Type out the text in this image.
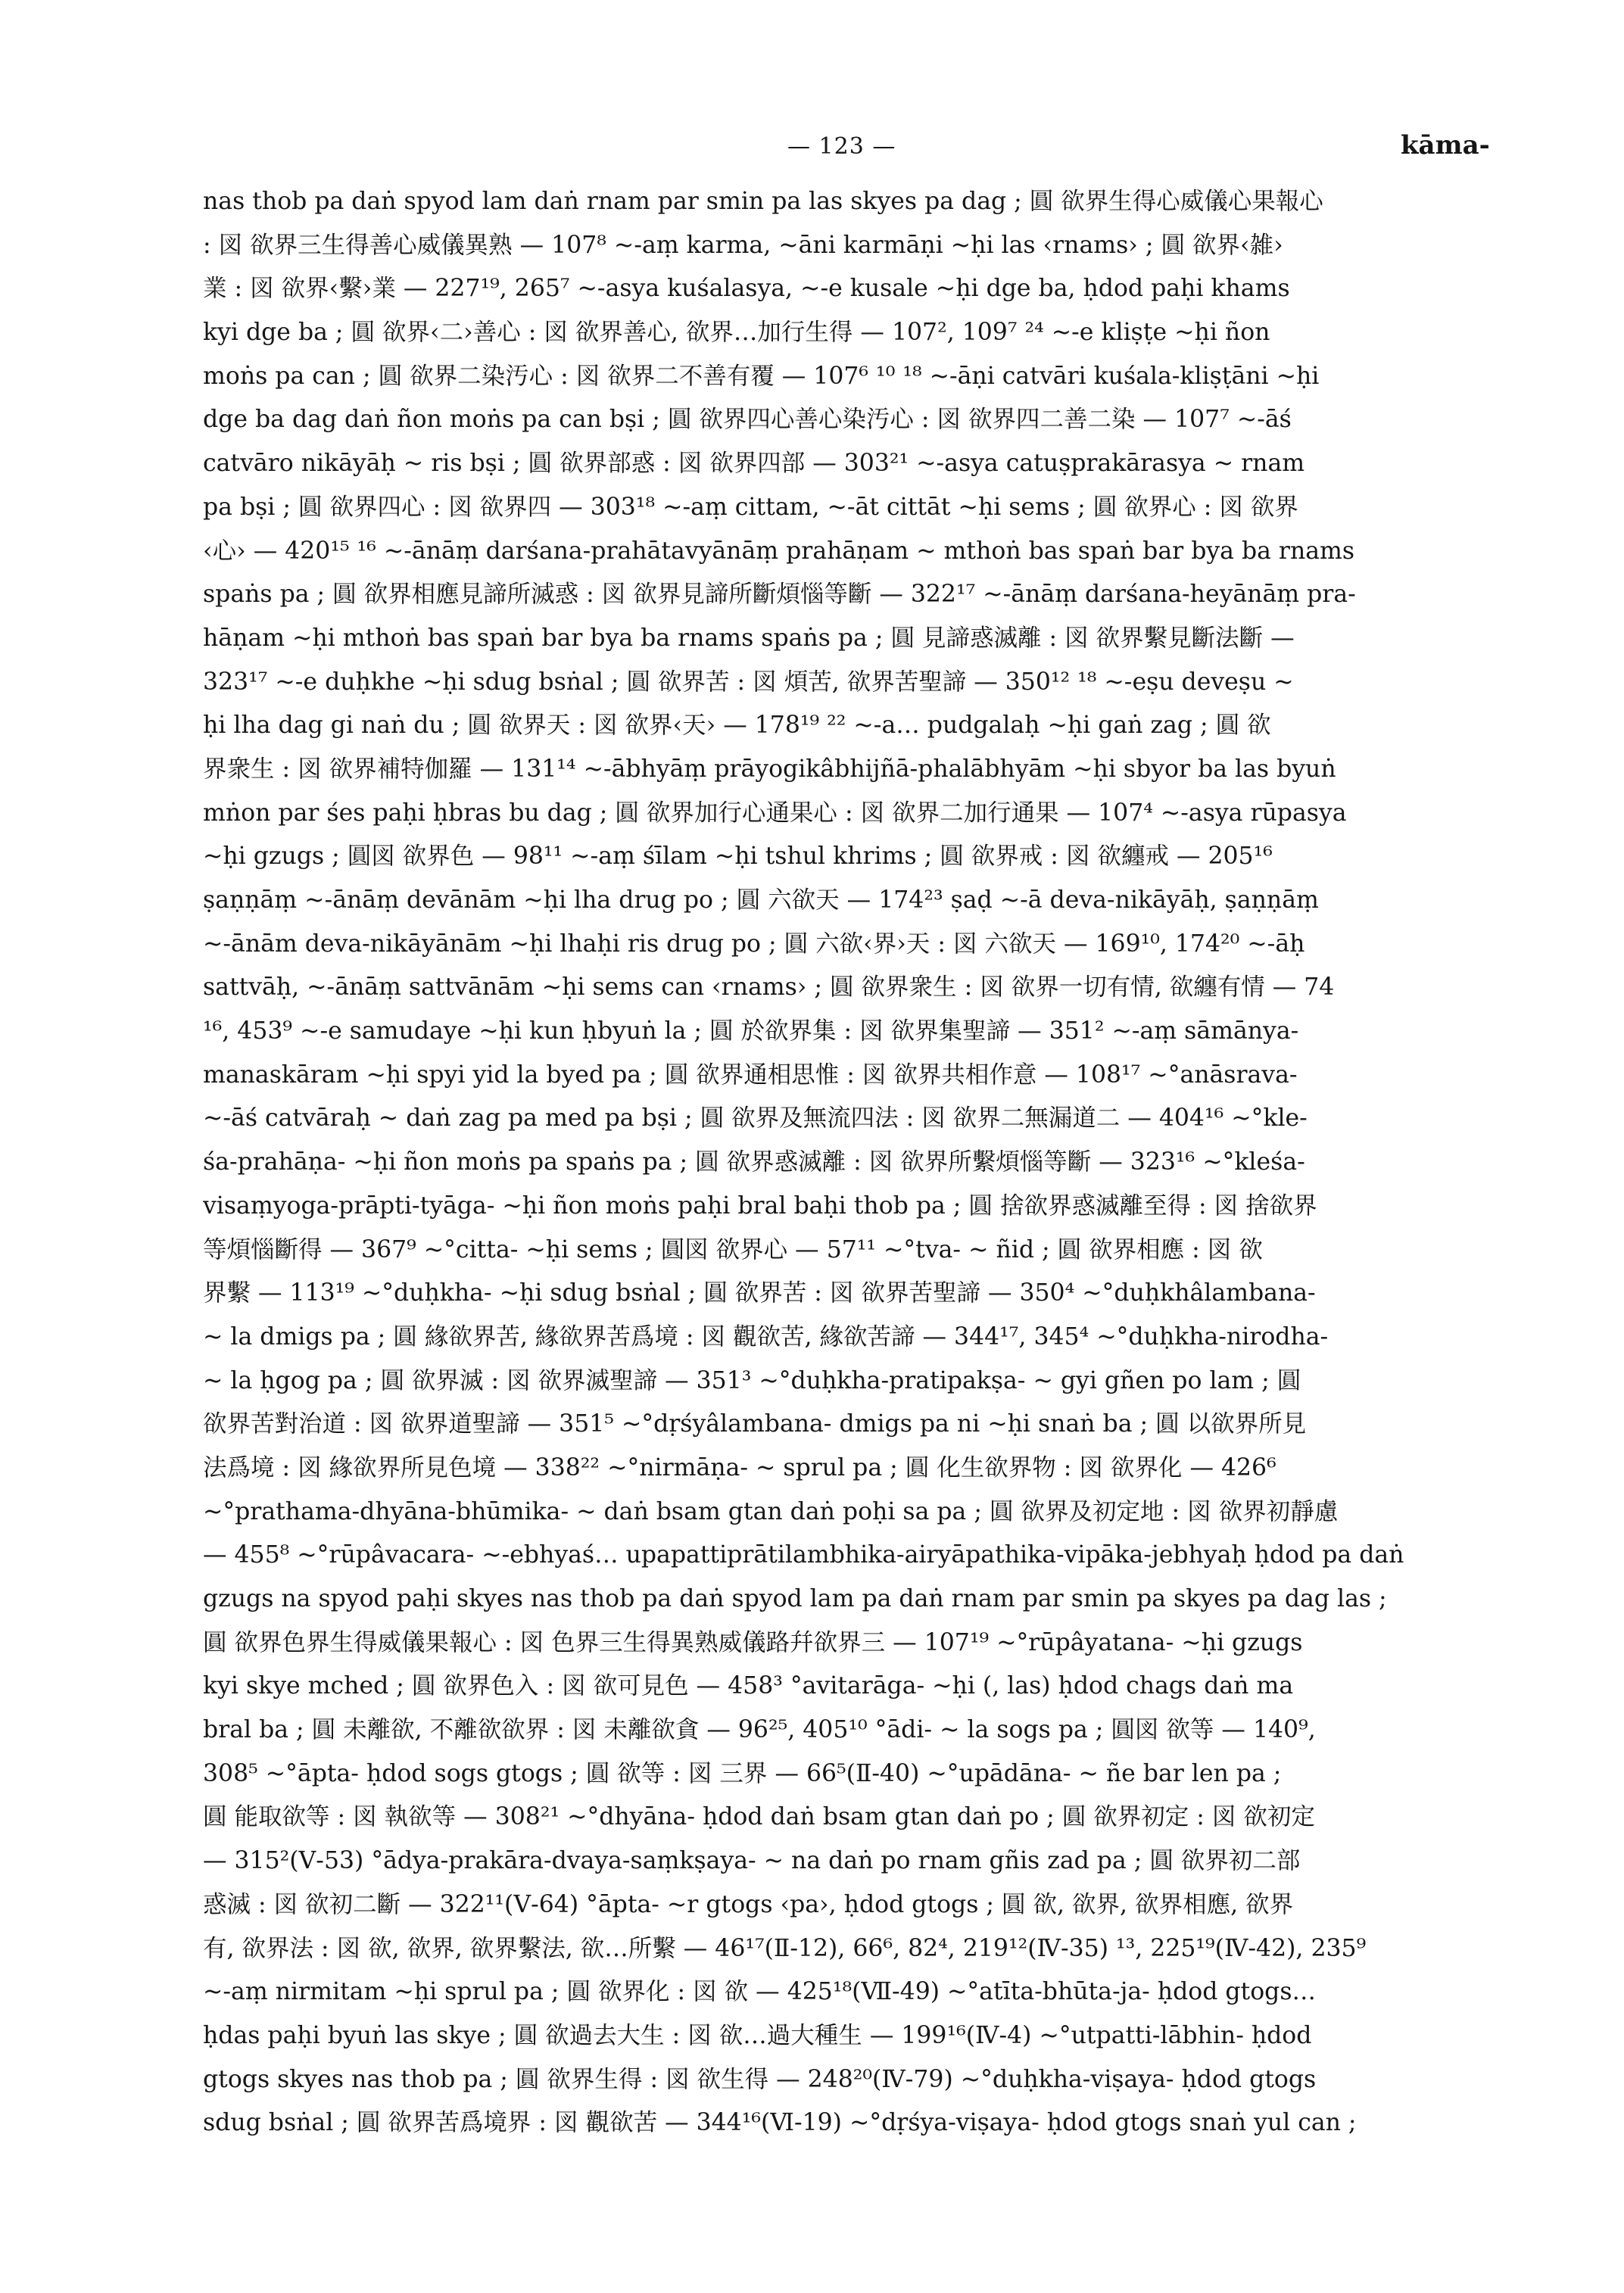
— 123 —	kāma-
nas thob pa daṅ spyod lam daṅ rnam par smin pa las skyes pa dag ; 圓 欲界生得心威儀心果報心
: 図 欲界三生得善心威儀異熟 — 107⁸ ~-aṃ karma, ~āni karmāṇi ~ḥi las ‹rnams› ; 圓 欲界‹雑›
業 : 図 欲界‹繫›業 — 227¹⁹, 265⁷ ~-asya kuśalasya, ~-e kusale ~ḥi dge ba, ḥdod paḥi khams
kyi dge ba ; 圓 欲界‹二›善心 : 図 欲界善心, 欲界…加行生得 — 107², 109⁷ ²⁴ ~-e kliṣṭe ~ḥi ñon
moṅs pa can ; 圓 欲界二染汚心 : 図 欲界二不善有覆 — 107⁶ ¹⁰ ¹⁸ ~-āṇi catvāri kuśala-kliṣṭāni ~ḥi
dge ba dag daṅ ñon moṅs pa can bṣi ; 圓 欲界四心善心染汚心 : 図 欲界四二善二染 — 107⁷ ~-āś
catvāro nikāyāḥ ~ ris bṣi ; 圓 欲界部惑 : 図 欲界四部 — 303²¹ ~-asya catuṣprakārasya ~ rnam
pa bṣi ; 圓 欲界四心 : 図 欲界四 — 303¹⁸ ~-aṃ cittam, ~-āt cittāt ~ḥi sems ; 圓 欲界心 : 図 欲界
‹心› — 420¹⁵ ¹⁶ ~-ānāṃ darśana-prahātavyānāṃ prahāṇam ~ mthoṅ bas spaṅ bar bya ba rnams
spaṅs pa ; 圓 欲界相應見諦所滅惑 : 図 欲界見諦所斷煩惱等斷 — 322¹⁷ ~-ānāṃ darśana-heyānāṃ pra-
hāṇam ~ḥi mthoṅ bas spaṅ bar bya ba rnams spaṅs pa ; 圓 見諦惑滅離 : 図 欲界繫見斷法斷 —
323¹⁷ ~-e duḥkhe ~ḥi sdug bsṅal ; 圓 欲界苦 : 図 煩苦, 欲界苦聖諦 — 350¹² ¹⁸ ~-eṣu deveṣu ~
ḥi lha dag gi naṅ du ; 圓 欲界天 : 図 欲界‹天› — 178¹⁹ ²² ~-a… pudgalaḥ ~ḥi gaṅ zag ; 圓 欲
界衆生 : 図 欲界補特伽羅 — 131¹⁴ ~-ābhyāṃ prāyogikâbhijñā-phalābhyām ~ḥi sbyor ba las byuṅ
mṅon par śes paḥi ḥbras bu dag ; 圓 欲界加行心通果心 : 図 欲界二加行通果 — 107⁴ ~-asya rūpasya
~ḥi gzugs ; 圓図 欲界色 — 98¹¹ ~-aṃ śīlam ~ḥi tshul khrims ; 圓 欲界戒 : 図 欲纏戒 — 205¹⁶
ṣaṇṇāṃ ~-ānāṃ devānām ~ḥi lha drug po ; 圓 六欲天 — 174²³ ṣaḍ ~-ā deva-nikāyāḥ, ṣaṇṇāṃ
~-ānām deva-nikāyānām ~ḥi lhaḥi ris drug po ; 圓 六欲‹界›天 : 図 六欲天 — 169¹⁰, 174²⁰ ~-āḥ
sattvāḥ, ~-ānāṃ sattvānām ~ḥi sems can ‹rnams› ; 圓 欲界衆生 : 図 欲界一切有情, 欲纏有情 — 74
¹⁶, 453⁹ ~-e samudaye ~ḥi kun ḥbyuṅ la ; 圓 於欲界集 : 図 欲界集聖諦 — 351² ~-aṃ sāmānya-
manaskāram ~ḥi spyi yid la byed pa ; 圓 欲界通相思惟 : 図 欲界共相作意 — 108¹⁷ ~°anāsrava-
~-āś catvāraḥ ~ daṅ zag pa med pa bṣi ; 圓 欲界及無流四法 : 図 欲界二無漏道二 — 404¹⁶ ~°kle-
śa-prahāṇa- ~ḥi ñon moṅs pa spaṅs pa ; 圓 欲界惑滅離 : 図 欲界所繫煩惱等斷 — 323¹⁶ ~°kleśa-
visaṃyoga-prāpti-tyāga- ~ḥi ñon moṅs paḥi bral baḥi thob pa ; 圓 捨欲界惑滅離至得 : 図 捨欲界
等煩惱斷得 — 367⁹ ~°citta- ~ḥi sems ; 圓図 欲界心 — 57¹¹ ~°tva- ~ ñid ; 圓 欲界相應 : 図 欲
界繫 — 113¹⁹ ~°duḥkha- ~ḥi sdug bsṅal ; 圓 欲界苦 : 図 欲界苦聖諦 — 350⁴ ~°duḥkhâlambana-
~ la dmigs pa ; 圓 緣欲界苦, 緣欲界苦爲境 : 図 觀欲苦, 緣欲苦諦 — 344¹⁷, 345⁴ ~°duḥkha-nirodha-
~ la ḥgog pa ; 圓 欲界滅 : 図 欲界滅聖諦 — 351³ ~°duḥkha-pratipakṣa- ~ gyi gñen po lam ; 圓
欲界苦對治道 : 図 欲界道聖諦 — 351⁵ ~°dṛśyâlambana- dmigs pa ni ~ḥi snaṅ ba ; 圓 以欲界所見
法爲境 : 図 緣欲界所見色境 — 338²² ~°nirmāṇa- ~ sprul pa ; 圓 化生欲界物 : 図 欲界化 — 426⁶
~°prathama-dhyāna-bhūmika- ~ daṅ bsam gtan daṅ poḥi sa pa ; 圓 欲界及初定地 : 図 欲界初靜慮
— 455⁸ ~°rūpâvacara- ~-ebhyaś… upapattiprātilambhika-airyāpathika-vipāka-jebhyaḥ ḥdod pa daṅ
gzugs na spyod paḥi skyes nas thob pa daṅ spyod lam pa daṅ rnam par smin pa skyes pa dag las ;
圓 欲界色界生得威儀果報心 : 図 色界三生得異熟威儀路幷欲界三 — 107¹⁹ ~°rūpâyatana- ~ḥi gzugs
kyi skye mched ; 圓 欲界色入 : 図 欲可見色 — 458³ °avitarāga- ~ḥi (, las) ḥdod chags daṅ ma
bral ba ; 圓 未離欲, 不離欲欲界 : 図 未離欲貪 — 96²⁵, 405¹⁰ °ādi- ~ la sogs pa ; 圓図 欲等 — 140⁹,
308⁵ ~°āpta- ḥdod sogs gtogs ; 圓 欲等 : 図 三界 — 66⁵(Ⅱ-40) ~°upādāna- ~ ñe bar len pa ;
圓 能取欲等 : 図 執欲等 — 308²¹ ~°dhyāna- ḥdod daṅ bsam gtan daṅ po ; 圓 欲界初定 : 図 欲初定
— 315²(Ⅴ-53) °ādya-prakāra-dvaya-saṃkṣaya- ~ na daṅ po rnam gñis zad pa ; 圓 欲界初二部
惑滅 : 図 欲初二斷 — 322¹¹(Ⅴ-64) °āpta- ~r gtogs ‹pa›, ḥdod gtogs ; 圓 欲, 欲界, 欲界相應, 欲界
有, 欲界法 : 図 欲, 欲界, 欲界繫法, 欲…所繫 — 46¹⁷(Ⅱ-12), 66⁶, 82⁴, 219¹²(Ⅳ-35) ¹³, 225¹⁹(Ⅳ-42), 235⁹
~-aṃ nirmitam ~ḥi sprul pa ; 圓 欲界化 : 図 欲 — 425¹⁸(Ⅶ-49) ~°atīta-bhūta-ja- ḥdod gtogs…
ḥdas paḥi byuṅ las skye ; 圓 欲過去大生 : 図 欲…過大種生 — 199¹⁶(Ⅳ-4) ~°utpatti-lābhin- ḥdod
gtogs skyes nas thob pa ; 圓 欲界生得 : 図 欲生得 — 248²⁰(Ⅳ-79) ~°duḥkha-viṣaya- ḥdod gtogs
sdug bsṅal ; 圓 欲界苦爲境界 : 図 觀欲苦 — 344¹⁶(Ⅵ-19) ~°dṛśya-viṣaya- ḥdod gtogs snaṅ yul can ;
